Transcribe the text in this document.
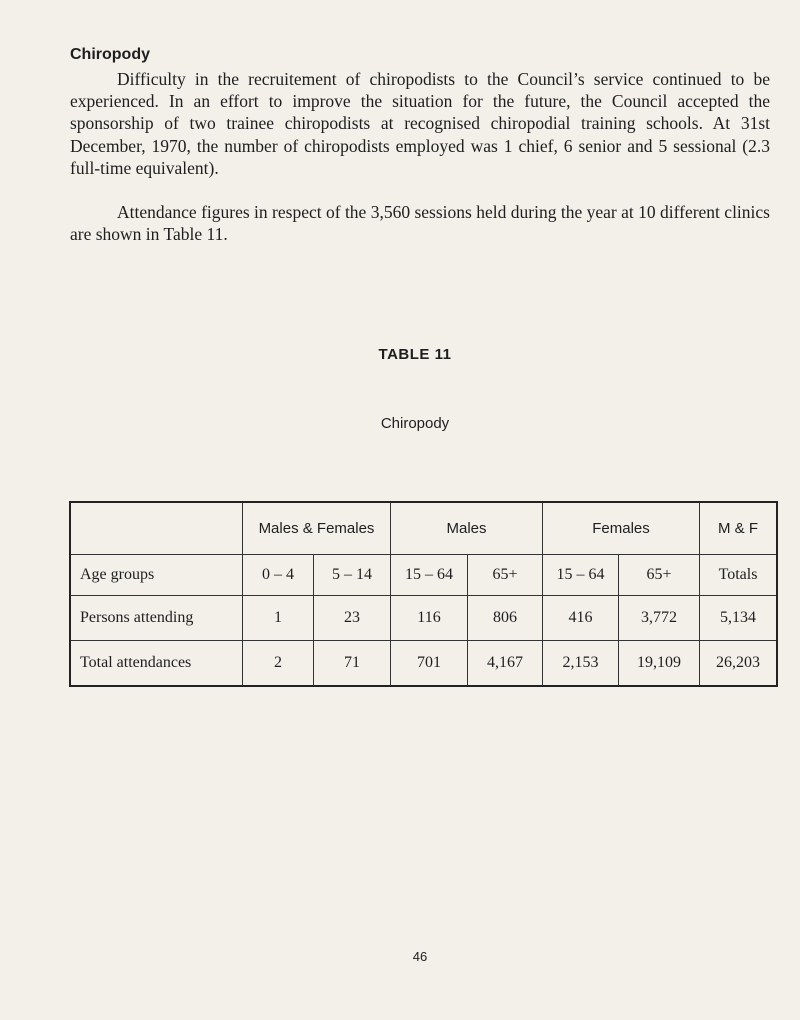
Chiropody

Difficulty in the recruitement of chiropodists to the Council’s service continued to be experienced. In an effort to improve the situation for the future, the Council accepted the sponsorship of two trainee chiropodists at recognised chiropodial training schools. At 31st December, 1970, the number of chiropodists employed was 1 chief, 6 senior and 5 sessional (2.3 full-time equivalent).

Attendance figures in respect of the 3,560 sessions held during the year at 10 different clinics are shown in Table 11.

TABLE 11
Chiropody
	Males & Females		Males		Females		M & F
Age groups	0 – 4	5 – 14	15 – 64	65+	15 – 64	65+	Totals
Persons attending	1	23	116	806	416	3,772	5,134
Total attendances	2	71	701	4,167	2,153	19,109	26,203
46
